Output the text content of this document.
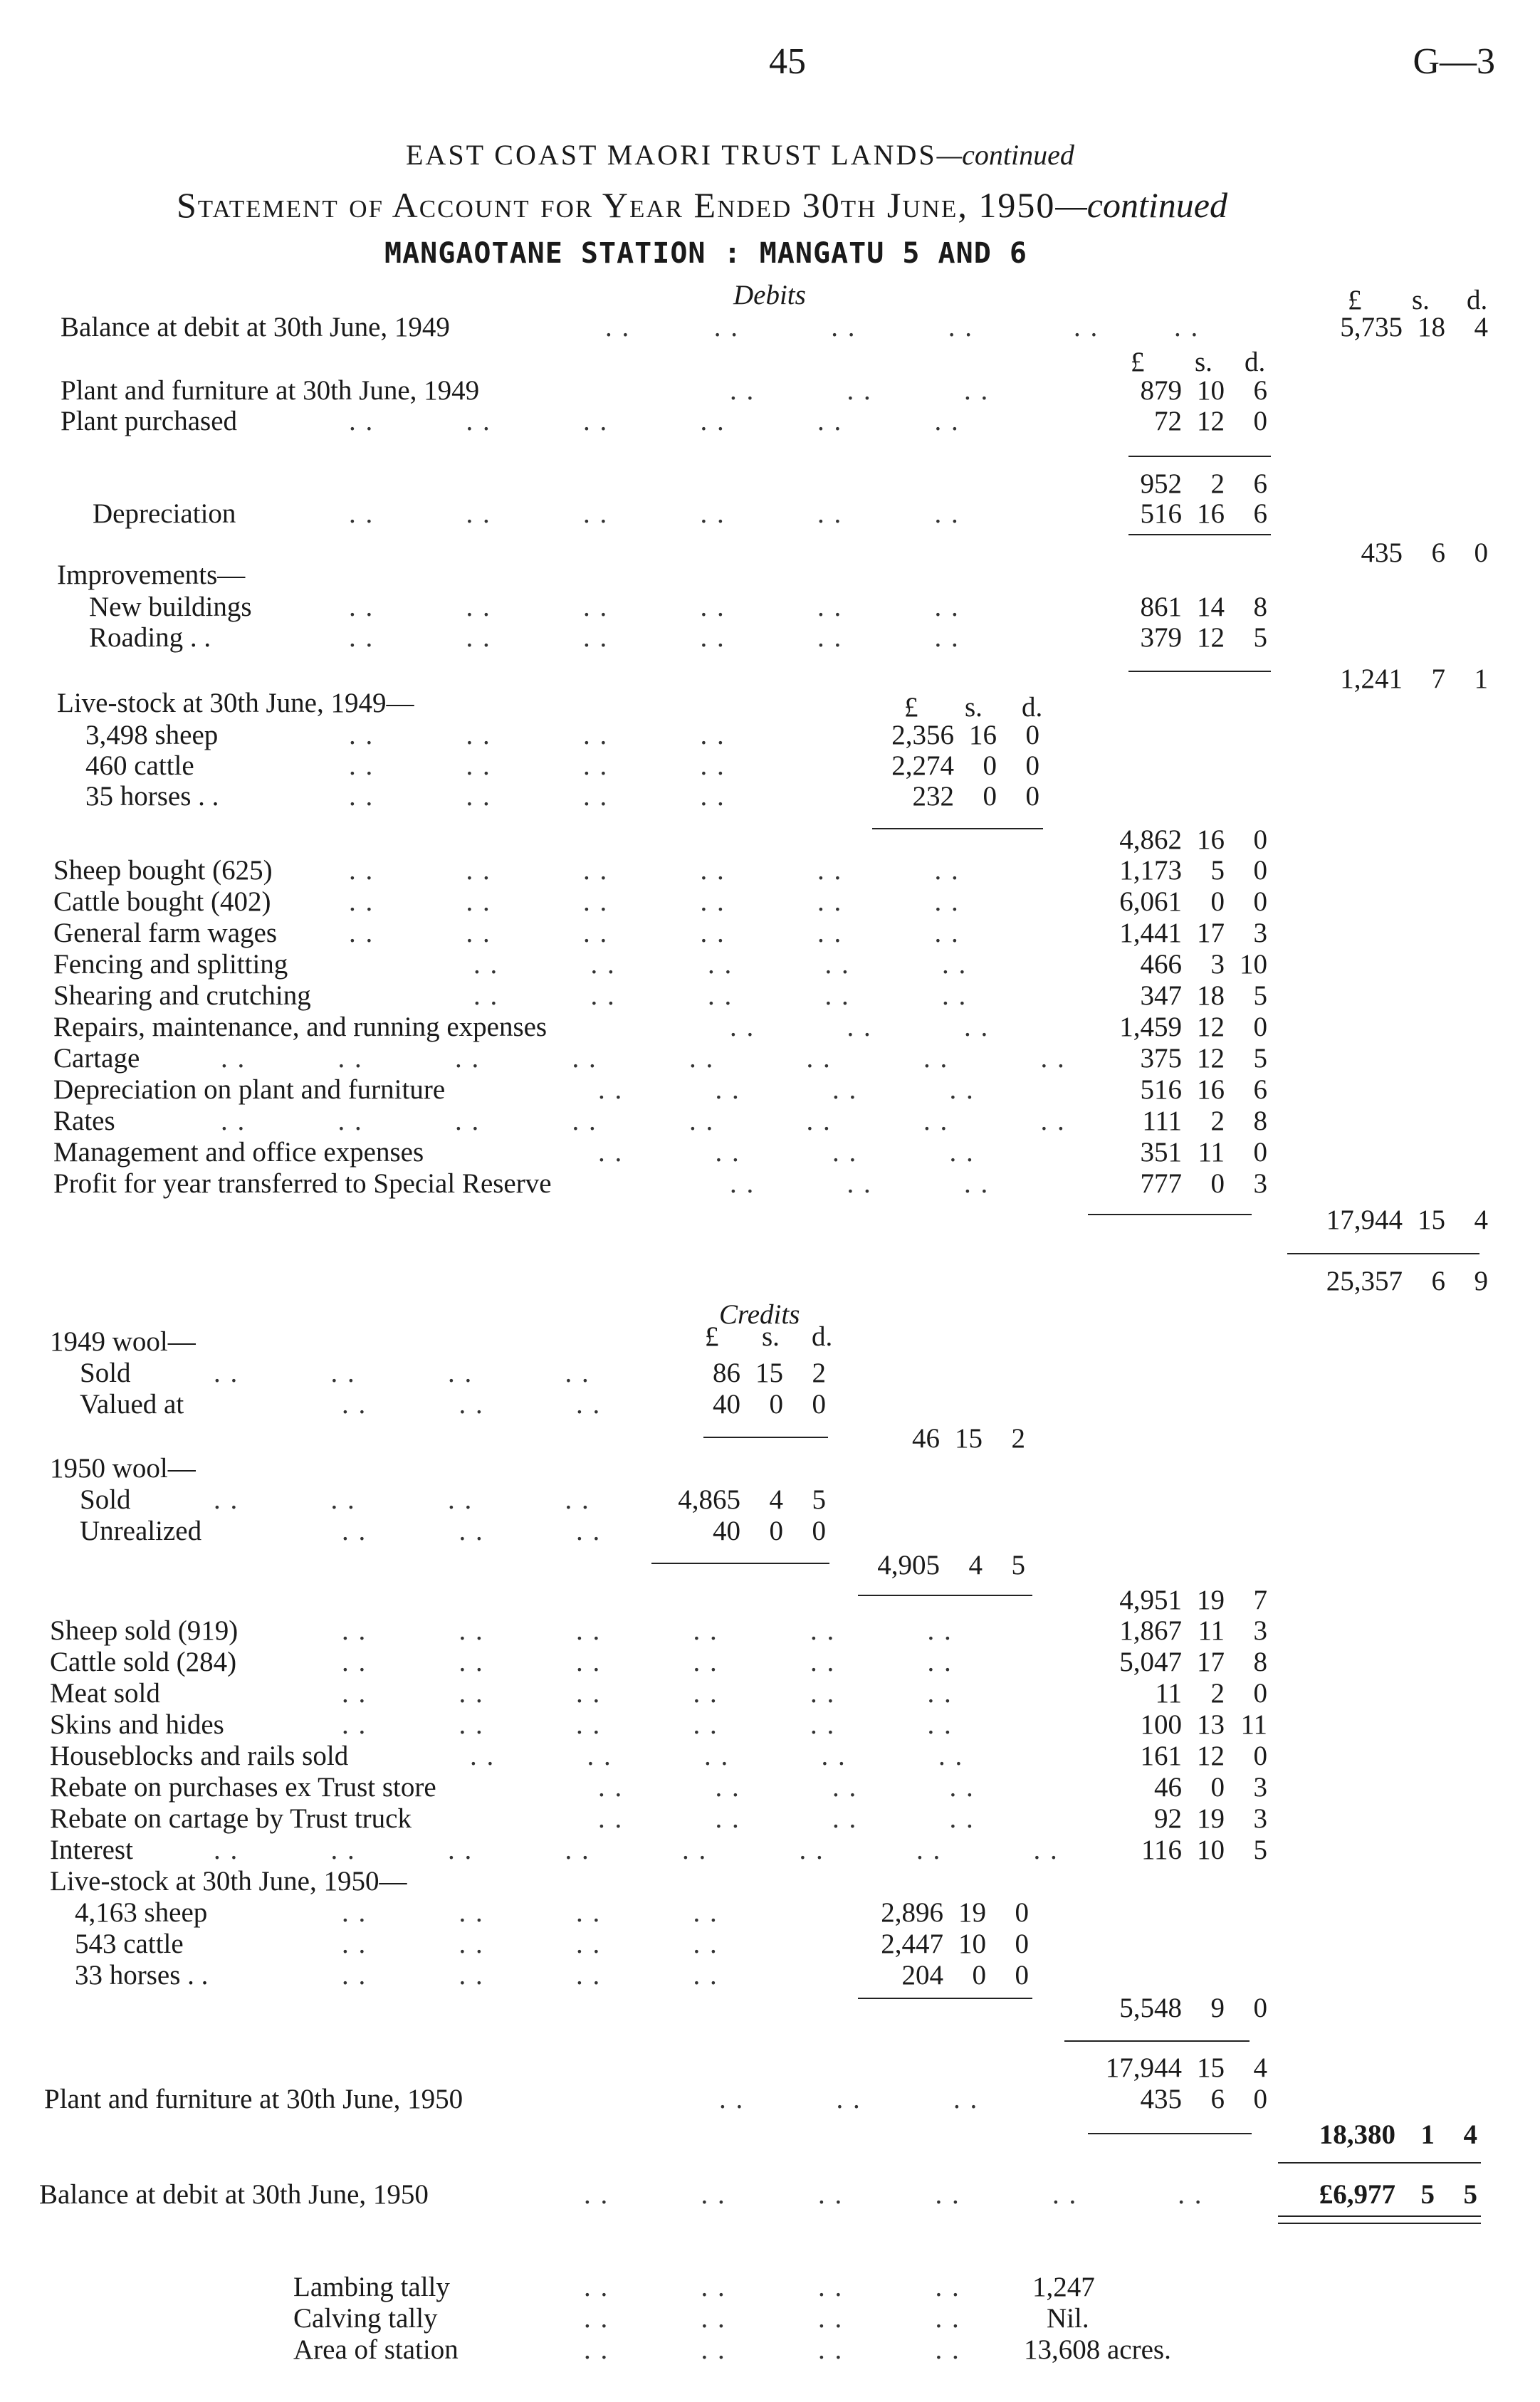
45	G—3
EAST COAST MAORI TRUST LANDS—continued
Statement of Account for Year Ended 30th June, 1950—continued
MANGAOTANE STATION : MANGATU 5 AND 6
Debits	£ s. d.
Balance at debit at 30th June, 1949	. .          . .           . .           . .            . .         . .	5,735 18	4
£ s. d.
Plant and furniture at 30th June, 1949	. .           . .           . .	879 10	6
Plant purchased	. .           . .           . .           . .           . .           . .	72 12	0
952	2	6
Depreciation	. .           . .           . .           . .           . .           . .	516 16	6
435	6	0
Improvements—
New buildings	. .           . .           . .           . .           . .           . .	861 14	8
Roading . .	. .           . .           . .           . .           . .           . .	379 12	5
1,241	7	1
Live-stock at 30th June, 1949—	£ s. d.
3,498 sheep	. .           . .           . .           . .	2,356 16	0
460 cattle	. .           . .           . .           . .	2,274	0	0
35 horses . .	. .           . .           . .           . .	232	0	0
4,862 16	0
Sheep bought (625)	. .           . .           . .           . .           . .           . .	1,173	5	0
Cattle bought (402)	. .           . .           . .           . .           . .           . .	6,061	0	0
General farm wages	. .           . .           . .           . .           . .           . .	1,441 17	3
Fencing and splitting	. .           . .           . .           . .           . .	466	3 10
Shearing and crutching	. .           . .           . .           . .           . .	347 18	5
Repairs, maintenance, and running expenses	. .           . .           . .	1,459 12	0
Cartage	. .           . .           . .           . .           . .           . .           . .           . .	375 12	5
Depreciation on plant and furniture	. .           . .           . .           . .	516 16	6
Rates	. .           . .           . .           . .           . .           . .           . .           . .	111	2	8
Management and office expenses	. .           . .           . .           . .	351 11	0
Profit for year transferred to Special Reserve	. .           . .           . .	777	0	3
17,944 15	4
25,357	6	9
Credits
£ s. d.
1949 wool—
Sold	. .           . .           . .           . .	86 15	2
Valued at	. .           . .           . .	40	0	0
46 15	2
1950 wool—
Sold	. .           . .           . .           . .	4,865	4	5
Unrealized	. .           . .           . .	40	0	0
4,905	4	5
4,951 19	7
Sheep sold (919)	. .           . .           . .           . .           . .           . .	1,867 11	3
Cattle sold (284)	. .           . .           . .           . .           . .           . .	5,047 17	8
Meat sold	. .           . .           . .           . .           . .           . .	11	2	0
Skins and hides	. .           . .           . .           . .           . .           . .	100 13 11
Houseblocks and rails sold	. .           . .           . .           . .           . .	161 12	0
Rebate on purchases ex Trust store	. .           . .           . .           . .	46	0	3
Rebate on cartage by Trust truck	. .           . .           . .           . .	92 19	3
Interest	. .           . .           . .           . .           . .           . .           . .           . .	116 10	5
Live-stock at 30th June, 1950—
4,163 sheep	. .           . .           . .           . .	2,896 19	0
543 cattle	. .           . .           . .           . .	2,447 10	0
33 horses . .	. .           . .           . .           . .	204	0	0
5,548	9	0
17,944 15	4
Plant and furniture at 30th June, 1950	. .           . .           . .	435	6	0
18,380 1	4
Balance at debit at 30th June, 1950	. .           . .           . .           . .           . .            . .	£6,977 5	5
Lambing tally	. .           . .           . .           . .	1,247
Calving tally	. .           . .           . .           . .	Nil.
Area of station	. .           . .           . .           . . 13,608 acres.
